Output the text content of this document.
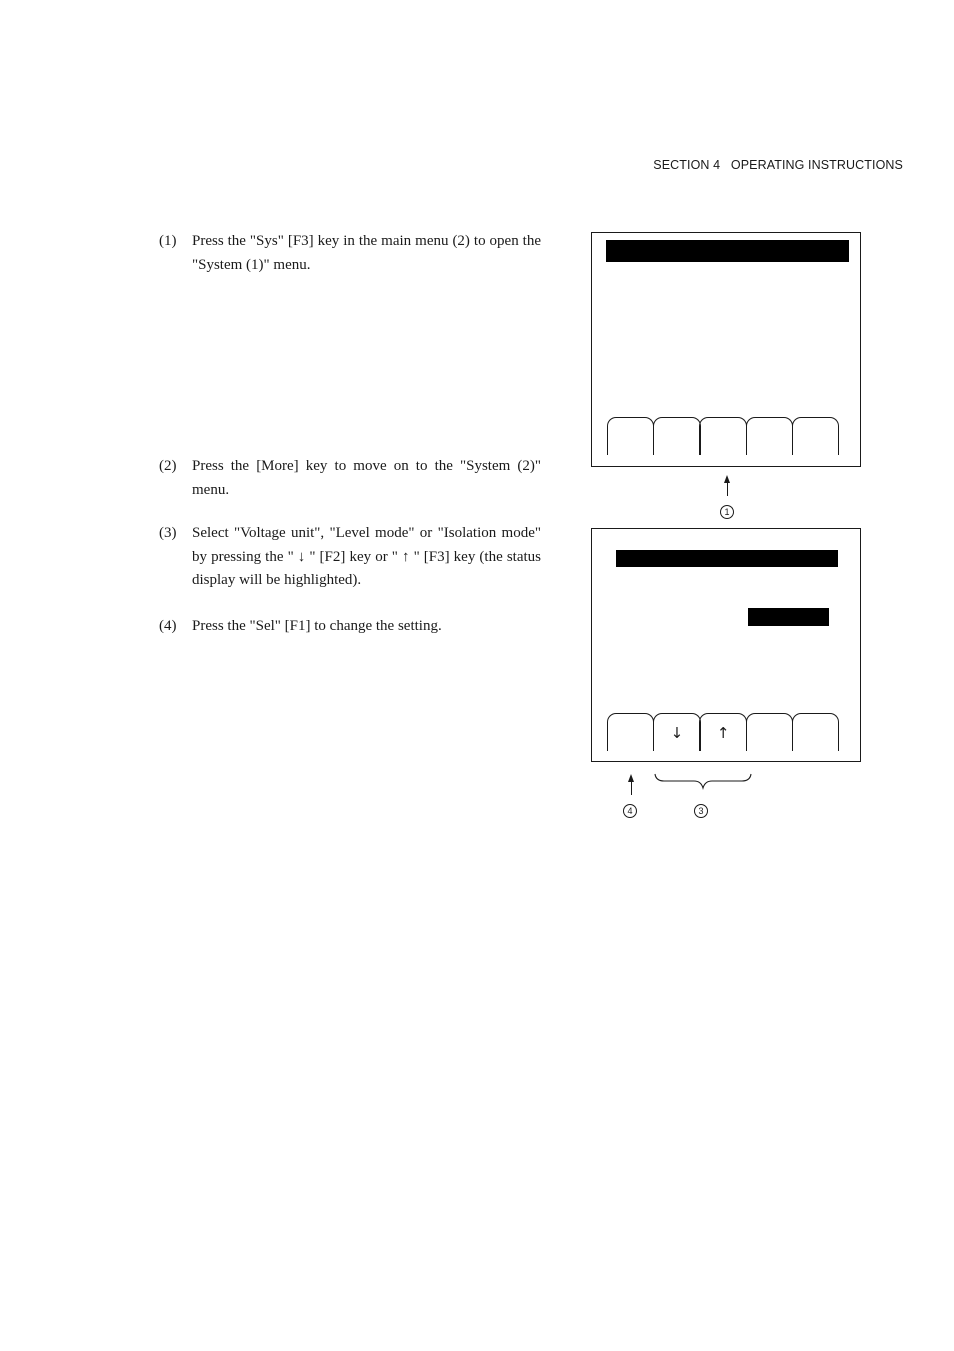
SECTION 4 OPERATING INSTRUCTIONS
(1) Press the "Sys" [F3] key in the main menu (2) to open the "System (1)" menu.
(2) Press the [More] key to move on to the "System (2)" menu.
(3) Select "Voltage unit", "Level mode" or "Isolation mode" by pressing the " ↓ " [F2] key or " ↑ " [F3] key (the status display will be highlighted).
(4) Press the "Sel" [F1] to change the setting.
1
↓ ↑
4	3
